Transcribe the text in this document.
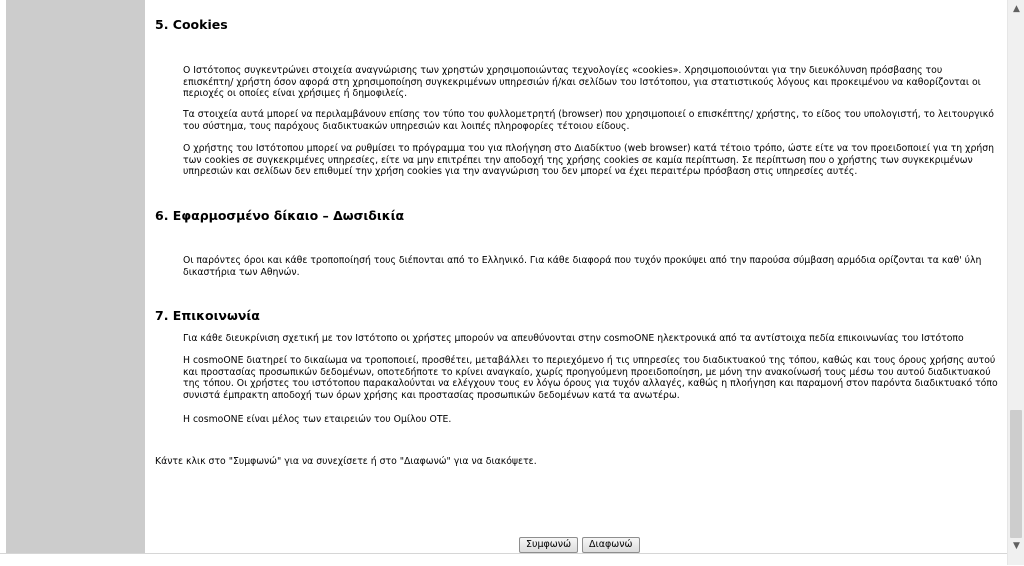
5. Cookies

Ο Ιστότοπος συγκεντρώνει στοιχεία αναγνώρισης των χρηστών χρησιμοποιώντας τεχνολογίες «cookies». Χρησιμοποιούνται για την διευκόλυνση πρόσβασης του επισκέπτη/ χρήστη όσον αφορά στη χρησιμοποίηση συγκεκριμένων υπηρεσιών ή/και σελίδων του Ιστότοπου, για στατιστικούς λόγους και προκειμένου να καθορίζονται οι περιοχές οι οποίες είναι χρήσιμες ή δημοφιλείς.

Τα στοιχεία αυτά μπορεί να περιλαμβάνουν επίσης τον τύπο του φυλλομετρητή (browser) που χρησιμοποιεί ο επισκέπτης/ χρήστης, το είδος του υπολογιστή, το λειτουργικό του σύστημα, τους παρόχους διαδικτυακών υπηρεσιών και λοιπές πληροφορίες τέτοιου είδους.

Ο χρήστης του Ιστότοπου μπορεί να ρυθμίσει το πρόγραμμα του για πλοήγηση στο Διαδίκτυο (web browser) κατά τέτοιο τρόπο, ώστε είτε να τον προειδοποιεί για τη χρήση των cookies σε συγκεκριμένες υπηρεσίες, είτε να μην επιτρέπει την αποδοχή της χρήσης cookies σε καμία περίπτωση. Σε περίπτωση που ο χρήστης των συγκεκριμένων υπηρεσιών και σελίδων δεν επιθυμεί την χρήση cookies για την αναγνώριση του δεν μπορεί να έχει περαιτέρω πρόσβαση στις υπηρεσίες αυτές.

6. Εφαρμοσμένο δίκαιο – Δωσιδικία

Οι παρόντες όροι και κάθε τροποποίησή τους διέπονται από το Ελληνικό. Για κάθε διαφορά που τυχόν προκύψει από την παρούσα σύμβαση αρμόδια ορίζονται τα καθ' ύλη δικαστήρια των Αθηνών.

7. Επικοινωνία

Για κάθε διευκρίνιση σχετική με τον Ιστότοπο οι χρήστες μπορούν να απευθύνονται στην cosmoONE ηλεκτρονικά από τα αντίστοιχα πεδία επικοινωνίας του Ιστότοπο

Η cosmoONE διατηρεί το δικαίωμα να τροποποιεί, προσθέτει, μεταβάλλει το περιεχόμενο ή τις υπηρεσίες του διαδικτυακού της τόπου, καθώς και τους όρους χρήσης αυτού και προστασίας προσωπικών δεδομένων, οποτεδήποτε το κρίνει αναγκαίο, χωρίς προηγούμενη προειδοποίηση, με μόνη την ανακοίνωσή τους μέσω του αυτού διαδικτυακού της τόπου. Οι χρήστες του ιστότοπου παρακαλούνται να ελέγχουν τους εν λόγω όρους για τυχόν αλλαγές, καθώς η πλοήγηση και παραμονή στον παρόντα διαδικτυακό τόπο συνιστά έμπρακτη αποδοχή των όρων χρήσης και προστασίας προσωπικών δεδομένων κατά τα ανωτέρω.

Η cosmoONE είναι μέλος των εταιρειών του Ομίλου ΟΤΕ.

Κάντε κλικ στο "Συμφωνώ" για να συνεχίσετε ή στο "Διαφωνώ" για να διακόψετε.

Συμφωνώ	Διαφωνώ
▲
▼
